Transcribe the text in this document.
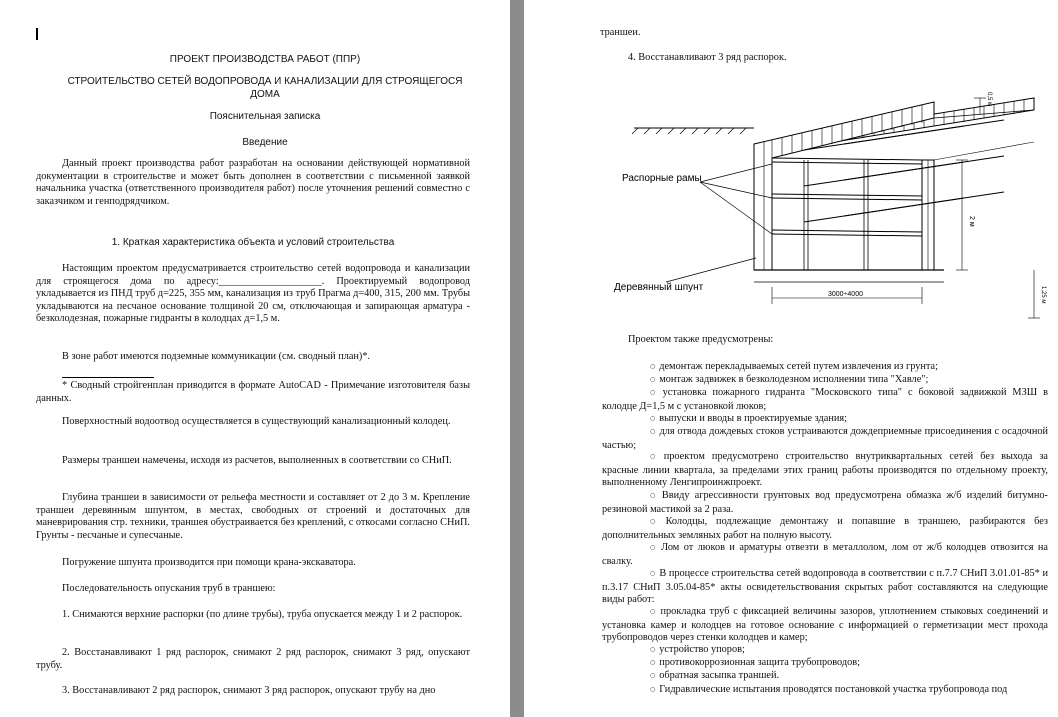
ПРОЕКТ ПРОИЗВОДСТВА РАБОТ (ППР)
СТРОИТЕЛЬСТВО СЕТЕЙ ВОДОПРОВОДА И КАНАЛИЗАЦИИ ДЛЯ СТРОЯЩЕГОСЯ ДОМА
Пояснительная записка
Введение
Данный проект производства работ разработан на основании действующей нормативной документации в строительстве и может быть дополнен в соответствии с письменной заявкой начальника участка (ответственного производителя работ) после уточнения решений совместно с заказчиком и генподрядчиком.
1. Краткая характеристика объекта и условий строительства
Настоящим проектом предусматривается строительство сетей водопровода и канализации для строящегося дома по адресу:____________________. Проектируемый водопровод укладывается из ПНД труб д=225, 355 мм, канализация из труб Прагма д=400, 315, 200 мм. Трубы укладываются на песчаное основание толщиной 20 см, отключающая и запирающая арматура - безколодезная, пожарные гидранты в колодцах д=1,5 м.
В зоне работ имеются подземные коммуникации (см. сводный план)*.
* Сводный стройгенплан приводится в формате AutoCAD - Примечание изготовителя базы данных.
Поверхностный водоотвод осуществляется в существующий канализационный колодец.
Размеры траншеи намечены, исходя из расчетов, выполненных в соответствии со СНиП.
Глубина траншеи в зависимости от рельефа местности и составляет от 2 до 3 м. Крепление траншеи деревянным шпунтом, в местах, свободных от строений и достаточных для маневрирования стр. техники, траншея обустраивается без креплений, с откосами согласно СНиП. Грунты - песчаные и супесчаные.
Погружение шпунта производится при помощи крана-экскаватора.
Последовательность опускания труб в траншею:
1. Снимаются верхние распорки (по длине трубы), труба опускается между 1 и 2 распорок.
2. Восстанавливают 1 ряд распорок, снимают 2 ряд распорок, снимают 3 ряд, опускают трубу.
3. Восстанавливают 2 ряд распорок, снимают 3 ряд распорок, опускают трубу на дно
траншеи.
4. Восстанавливают 3 ряд распорок.
Распорные рамы
Деревянный шпунт
3000÷4000
2 м
0,5 м
1,25 м
Проектом также предусмотрены:
○ демонтаж перекладываемых сетей путем извлечения из грунта;
○ монтаж задвижек в безколодезном исполнении типа "Хавле";
○ установка пожарного гидранта "Московского типа" с боковой задвижкой МЗШ в колодце Д=1,5 м с установкой люков;
○ выпуски и вводы в проектируемые здания;
○ для отвода дождевых стоков устраиваются дождеприемные присоединения с осадочной частью;
○ проектом предусмотрено строительство внутриквартальных сетей без выхода за красные линии квартала, за пределами этих границ работы производятся по отдельному проекту, выполненному Ленгипроинжпроект.
○ Ввиду агрессивности грунтовых вод предусмотрена обмазка ж/б изделий битумно-резиновой мастикой за 2 раза.
○ Колодцы, подлежащие демонтажу и попавшие в траншею, разбираются без дополнительных земляных работ на полную высоту.
○ Лом от люков и арматуры отвезти в металлолом, лом от ж/б колодцев отвозится на свалку.
○ В процессе строительства сетей водопровода в соответствии с п.7.7 СНиП 3.01.01-85* и п.3.17 СНиП 3.05.04-85* акты освидетельствования скрытых работ составляются на следующие виды работ:
○ прокладка труб с фиксацией величины зазоров, уплотнением стыковых соединений и установка камер и колодцев на готовое основание с информацией о герметизации мест прохода трубопроводов через стенки колодцев и камер;
○ устройство упоров;
○ противокоррозионная защита трубопроводов;
○ обратная засыпка траншей.
○ Гидравлические испытания проводятся постановкой участка трубопровода под
